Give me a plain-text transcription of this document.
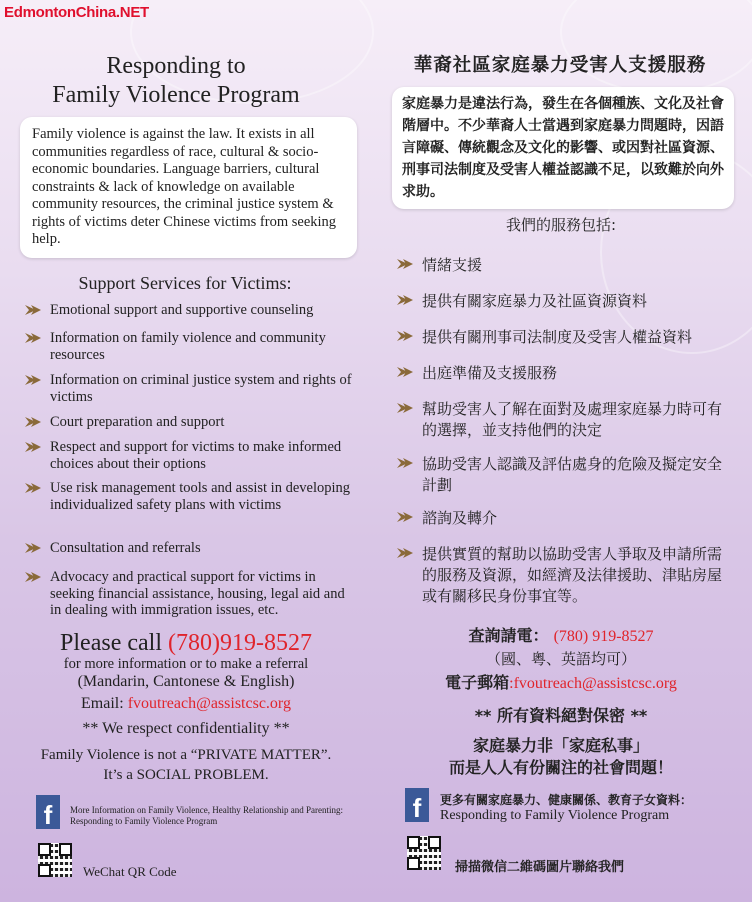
EdmontonChina.NET
Responding to
Family Violence Program
Family violence is against the law. It exists in all communities regardless of race, cultural & socio-economic boundaries. Language barriers, cultural constraints & lack of knowledge on available community resources, the criminal justice system & rights of victims deter Chinese victims from seeking help.
Support Services for Victims:
Emotional support and supportive counseling
Information on family violence and community resources
Information on criminal justice system and rights of victims
Court preparation and support
Respect and support for victims to make informed choices about their options
Use risk management tools and assist in developing individualized safety plans with victims
Consultation and referrals
Advocacy and practical support for victims in seeking financial assistance, housing, legal aid and in dealing with immigration issues, etc.
Please call (780)919-8527
for more information or to make a referral
(Mandarin, Cantonese & English)
Email: fvoutreach@assistcsc.org
** We respect confidentiality **
Family Violence is not a “PRIVATE MATTER”.
It’s a SOCIAL PROBLEM.
f	More Information on Family Violence, Healthy Relationship and Parenting:
Responding to Family Violence Program
WeChat QR Code
華裔社區家庭暴力受害人支援服務
家庭暴力是違法行為，發生在各個種族、文化及社會階層中。不少華裔人士當遇到家庭暴力問題時，因語言障礙、傳統觀念及文化的影響、或因對社區資源、刑事司法制度及受害人權益認識不足，以致難於向外求助。
我們的服務包括:
情緒支援
提供有關家庭暴力及社區資源資料
提供有關刑事司法制度及受害人權益資料
出庭準備及支援服務
幫助受害人了解在面對及處理家庭暴力時可有的選擇，並支持他們的決定
協助受害人認識及評估處身的危險及擬定安全計劃
諮詢及轉介
提供實質的幫助以協助受害人爭取及申請所需的服務及資源，如經濟及法律援助、津貼房屋或有關移民身份事宜等。
查詢請電： (780) 919-8527
（國、粵、英語均可）
電子郵箱:fvoutreach@assistcsc.org
** 所有資料絕對保密 **
家庭暴力非「家庭私事」
而是人人有份關注的社會問題！
f	更多有關家庭暴力、健康關係、教育子女資料：
Responding to Family Violence Program
掃描微信二維碼圖片聯絡我們
